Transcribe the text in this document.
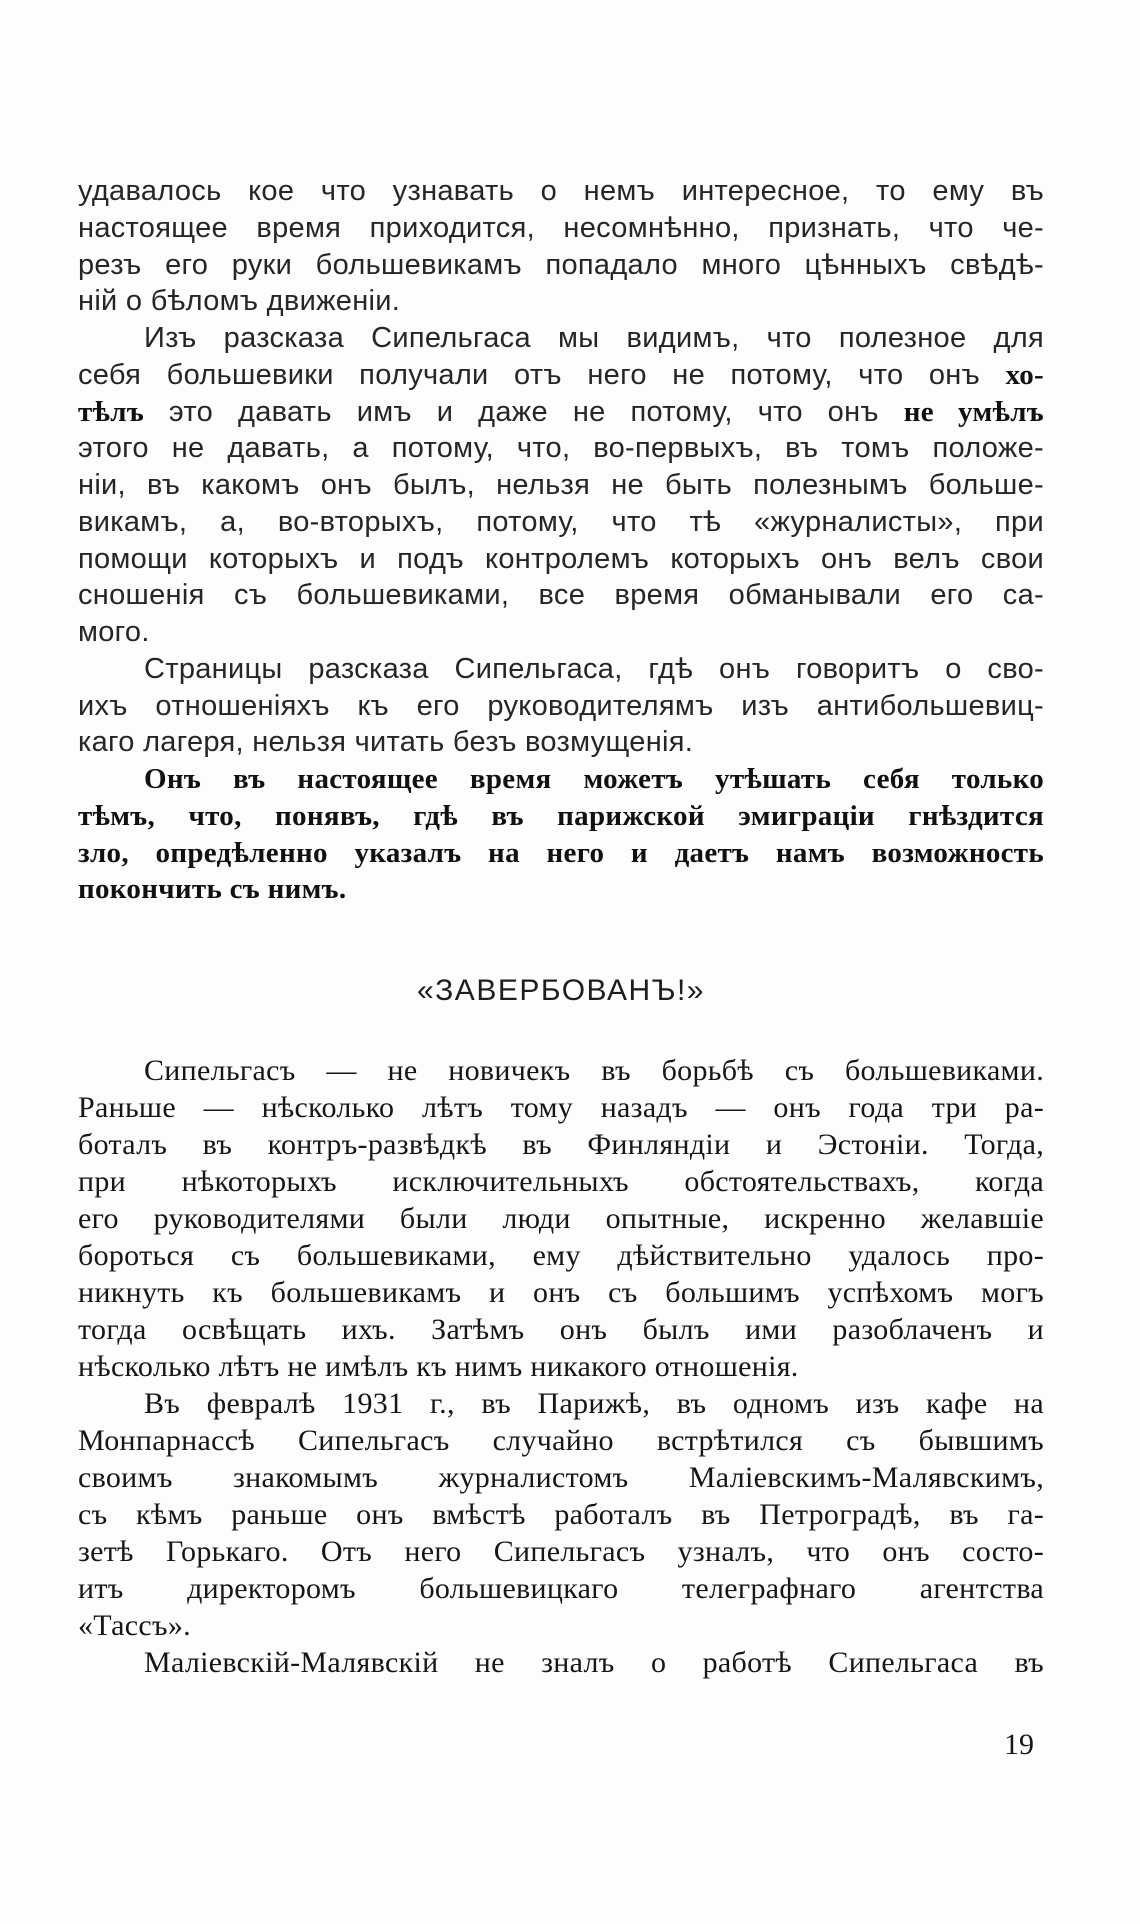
удавалось кое что узнавать о немъ интересное, то ему въ
настоящее время приходится, несомнѣнно, признать, что че-
резъ его руки большевикамъ попадало много цѣнныхъ свѣдѣ-
ній о бѣломъ движеніи.
Изъ разсказа Сипельгаса мы видимъ, что полезное для
себя большевики получали отъ него не потому, что онъ хо-
тѣлъ это давать имъ и даже не потому, что онъ не умѣлъ
этого не давать, а потому, что, во-первыхъ, въ томъ положе-
ніи, въ какомъ онъ былъ, нельзя не быть полезнымъ больше-
викамъ, а, во-вторыхъ, потому, что тѣ «журналисты», при
помощи которыхъ и подъ контролемъ которыхъ онъ велъ свои
сношенія съ большевиками, все время обманывали его са-
мого.
Страницы разсказа Сипельгаса, гдѣ онъ говоритъ о сво-
ихъ отношеніяхъ къ его руководителямъ изъ антибольшевиц-
каго лагеря, нельзя читать безъ возмущенія.
Онъ въ настоящее время можетъ утѣшать себя только
тѣмъ, что, понявъ, гдѣ въ парижской эмиграціи гнѣздится
зло, опредѣленно указалъ на него и даетъ намъ возможность
покончить съ нимъ.
«ЗАВЕРБОВАНЪ!»
Сипельгасъ — не новичекъ въ борьбѣ съ большевиками.
Раньше — нѣсколько лѣтъ тому назадъ — онъ года три ра-
боталъ въ контръ-развѣдкѣ въ Финляндіи и Эстоніи. Тогда,
при нѣкоторыхъ исключительныхъ обстоятельствахъ, когда
его руководителями были люди опытные, искренно желавшіе
бороться съ большевиками, ему дѣйствительно удалось про-
никнуть къ большевикамъ и онъ съ большимъ успѣхомъ могъ
тогда освѣщать ихъ. Затѣмъ онъ былъ ими разоблаченъ и
нѣсколько лѣтъ не имѣлъ къ нимъ никакого отношенія.
Въ февралѣ 1931 г., въ Парижѣ, въ одномъ изъ кафе на
Монпарнассѣ Сипельгасъ случайно встрѣтился съ бывшимъ
своимъ знакомымъ журналистомъ Маліевскимъ-Малявскимъ,
съ кѣмъ раньше онъ вмѣстѣ работалъ въ Петроградѣ, въ га-
зетѣ Горькаго. Отъ него Сипельгасъ узналъ, что онъ состо-
итъ директоромъ большевицкаго телеграфнаго агентства
«Тассъ».
Маліевскій-Малявскій не зналъ о работѣ Сипельгаса въ
19
